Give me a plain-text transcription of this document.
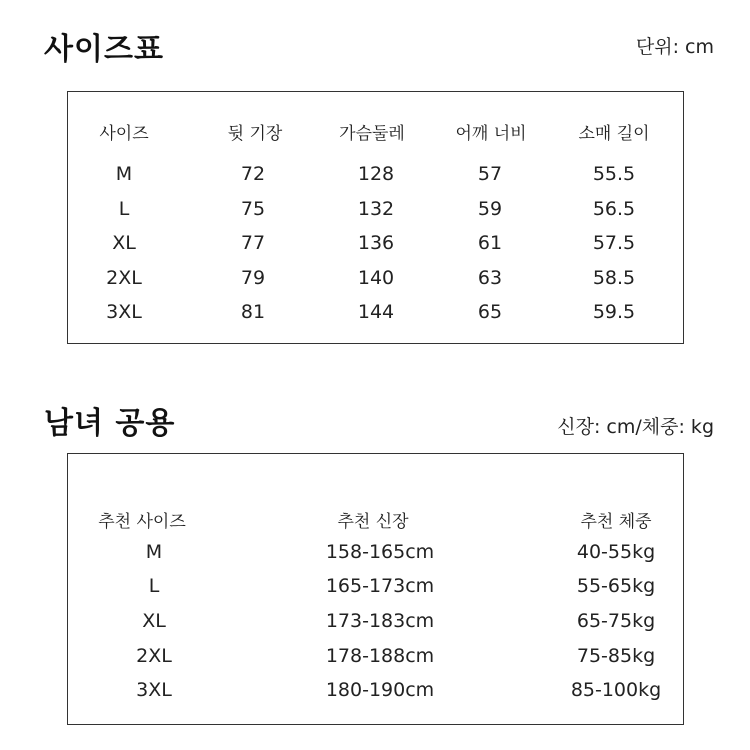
사이즈표	단위: cm
사이즈	뒷 기장	가슴둘레	어깨 너비	소매 길이
M	72	128	57	55.5
L	75	132	59	56.5
XL	77	136	61	57.5
2XL	79	140	63	58.5
3XL	81	144	65	59.5
남녀 공용	신장: cm/체중: kg
추천 사이즈	추천 신장	추천 체중
M	158-165cm	40-55kg
L	165-173cm	55-65kg
XL	173-183cm	65-75kg
2XL	178-188cm	75-85kg
3XL	180-190cm	85-100kg
